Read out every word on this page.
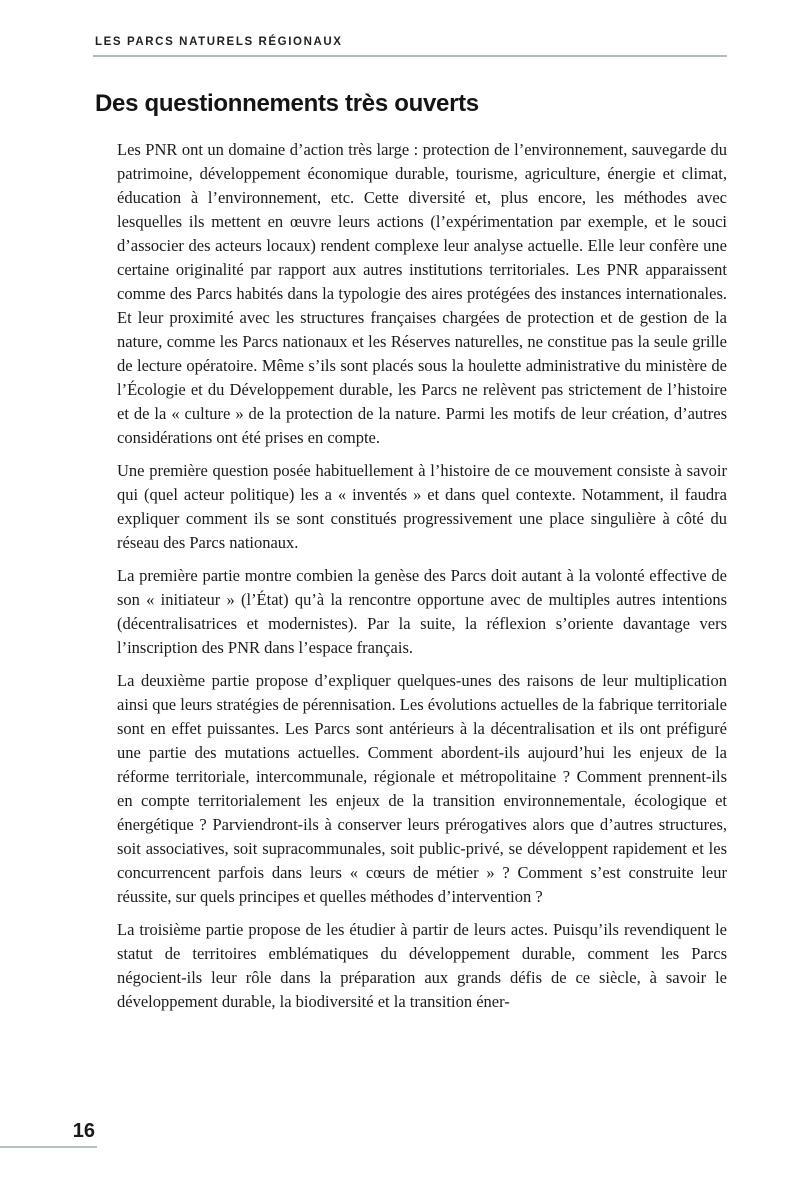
LES PARCS NATURELS RÉGIONAUX
Des questionnements très ouverts

Les PNR ont un domaine d’action très large : protection de l’environnement, sauvegarde du patrimoine, développement économique durable, tourisme, agriculture, énergie et climat, éducation à l’environnement, etc. Cette diversité et, plus encore, les méthodes avec lesquelles ils mettent en œuvre leurs actions (l’expérimentation par exemple, et le souci d’associer des acteurs locaux) rendent complexe leur analyse actuelle. Elle leur confère une certaine originalité par rapport aux autres institutions territoriales. Les PNR apparaissent comme des Parcs habités dans la typologie des aires protégées des instances internationales. Et leur proximité avec les structures françaises chargées de protection et de gestion de la nature, comme les Parcs nationaux et les Réserves naturelles, ne constitue pas la seule grille de lecture opératoire. Même s’ils sont placés sous la houlette administrative du ministère de l’Écologie et du Développement durable, les Parcs ne relèvent pas strictement de l’histoire et de la « culture » de la protection de la nature. Parmi les motifs de leur création, d’autres considérations ont été prises en compte.

Une première question posée habituellement à l’histoire de ce mouvement consiste à savoir qui (quel acteur politique) les a « inventés » et dans quel contexte. Notamment, il faudra expliquer comment ils se sont constitués progressivement une place singulière à côté du réseau des Parcs nationaux.

La première partie montre combien la genèse des Parcs doit autant à la volonté effective de son « initiateur » (l’État) qu’à la rencontre opportune avec de multiples autres intentions (décentralisatrices et modernistes). Par la suite, la réflexion s’oriente davantage vers l’inscription des PNR dans l’espace français.

La deuxième partie propose d’expliquer quelques-unes des raisons de leur multiplication ainsi que leurs stratégies de pérennisation. Les évolutions actuelles de la fabrique territoriale sont en effet puissantes. Les Parcs sont antérieurs à la décentralisation et ils ont préfiguré une partie des mutations actuelles. Comment abordent-ils aujourd’hui les enjeux de la réforme territoriale, intercommunale, régionale et métropolitaine ? Comment prennent-ils en compte territorialement les enjeux de la transition environnementale, écologique et énergétique ? Parviendront-ils à conserver leurs prérogatives alors que d’autres structures, soit associatives, soit supracommunales, soit public-privé, se développent rapidement et les concurrencent parfois dans leurs « cœurs de métier » ? Comment s’est construite leur réussite, sur quels principes et quelles méthodes d’intervention ?

La troisième partie propose de les étudier à partir de leurs actes. Puisqu’ils revendiquent le statut de territoires emblématiques du développement durable, comment les Parcs négocient-ils leur rôle dans la préparation aux grands défis de ce siècle, à savoir le développement durable, la biodiversité et la transition éner-

16
